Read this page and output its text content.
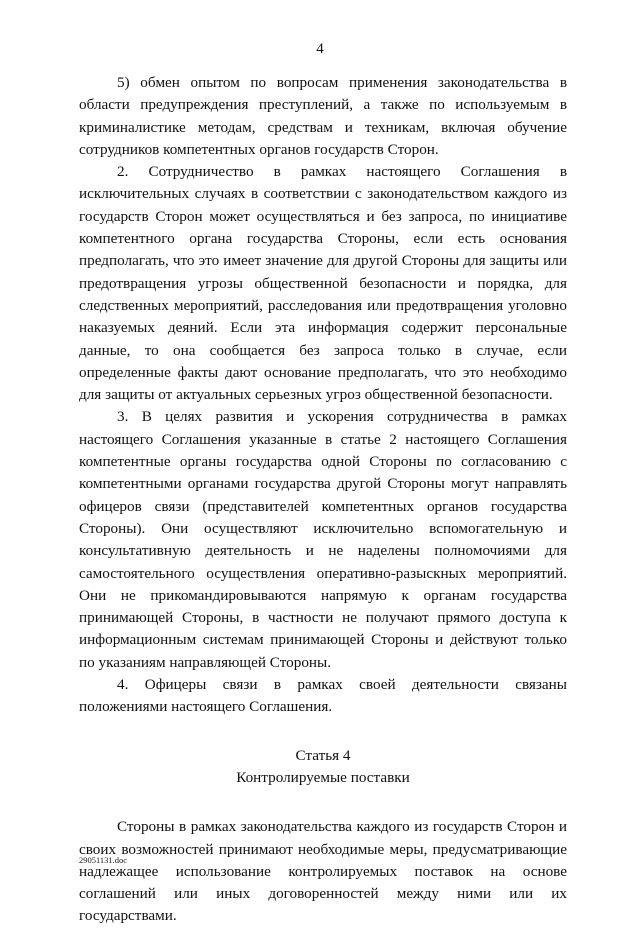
4

5) обмен опытом по вопросам применения законодательства в области предупреждения преступлений, а также по используемым в криминалистике методам, средствам и техникам, включая обучение сотрудников компетентных органов государств Сторон.

2. Сотрудничество в рамках настоящего Соглашения в исключительных случаях в соответствии с законодательством каждого из государств Сторон может осуществляться и без запроса, по инициативе компетентного органа государства Стороны, если есть основания предполагать, что это имеет значение для другой Стороны для защиты или предотвращения угрозы общественной безопасности и порядка, для следственных мероприятий, расследования или предотвращения уголовно наказуемых деяний. Если эта информация содержит персональные данные, то она сообщается без запроса только в случае, если определенные факты дают основание предполагать, что это необходимо для защиты от актуальных серьезных угроз общественной безопасности.

3. В целях развития и ускорения сотрудничества в рамках настоящего Соглашения указанные в статье 2 настоящего Соглашения компетентные органы государства одной Стороны по согласованию с компетентными органами государства другой Стороны могут направлять офицеров связи (представителей компетентных органов государства Стороны). Они осуществляют исключительно вспомогательную и консультативную деятельность и не наделены полномочиями для самостоятельного осуществления оперативно-разыскных мероприятий. Они не прикомандировываются напрямую к органам государства принимающей Стороны, в частности не получают прямого доступа к информационным системам принимающей Стороны и действуют только по указаниям направляющей Стороны.

4. Офицеры связи в рамках своей деятельности связаны положениями настоящего Соглашения.

Статья 4

Контролируемые поставки

Стороны в рамках законодательства каждого из государств Сторон и своих возможностей принимают необходимые меры, предусматривающие надлежащее использование контролируемых поставок на основе соглашений или иных договоренностей между ними или их государствами.

29051131.doc
